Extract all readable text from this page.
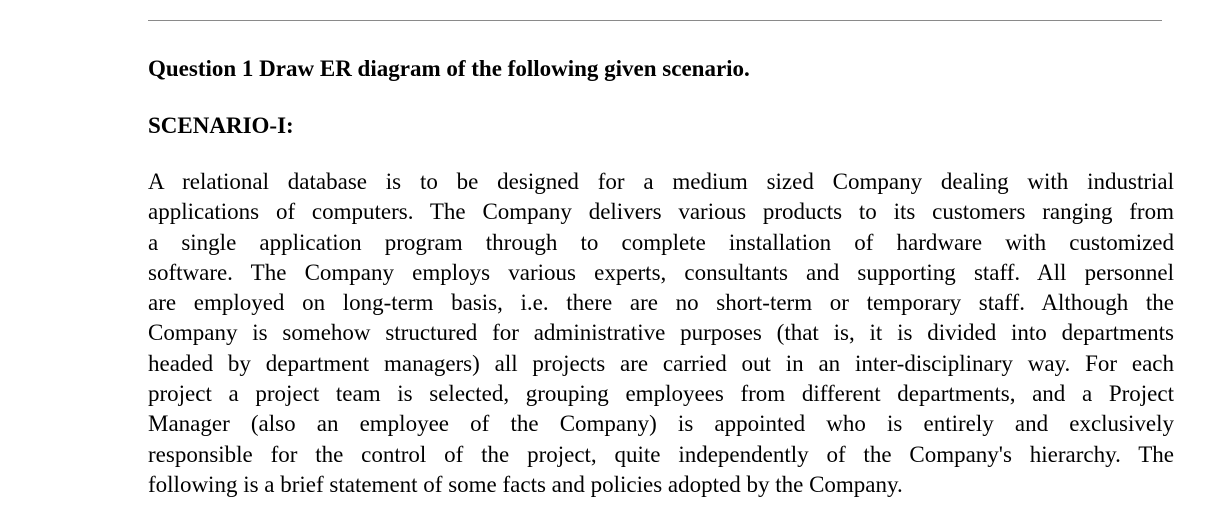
Question 1 Draw ER diagram of the following given scenario.
SCENARIO-I:
A relational database is to be designed for a medium sized Company dealing with industrial
applications of computers. The Company delivers various products to its customers ranging from
a single application program through to complete installation of hardware with customized
software. The Company employs various experts, consultants and supporting staff. All personnel
are employed on long-term basis, i.e. there are no short-term or temporary staff. Although the
Company is somehow structured for administrative purposes (that is, it is divided into departments
headed by department managers) all projects are carried out in an inter-disciplinary way. For each
project a project team is selected, grouping employees from different departments, and a Project
Manager (also an employee of the Company) is appointed who is entirely and exclusively
responsible for the control of the project, quite independently of the Company's hierarchy. The
following is a brief statement of some facts and policies adopted by the Company.
